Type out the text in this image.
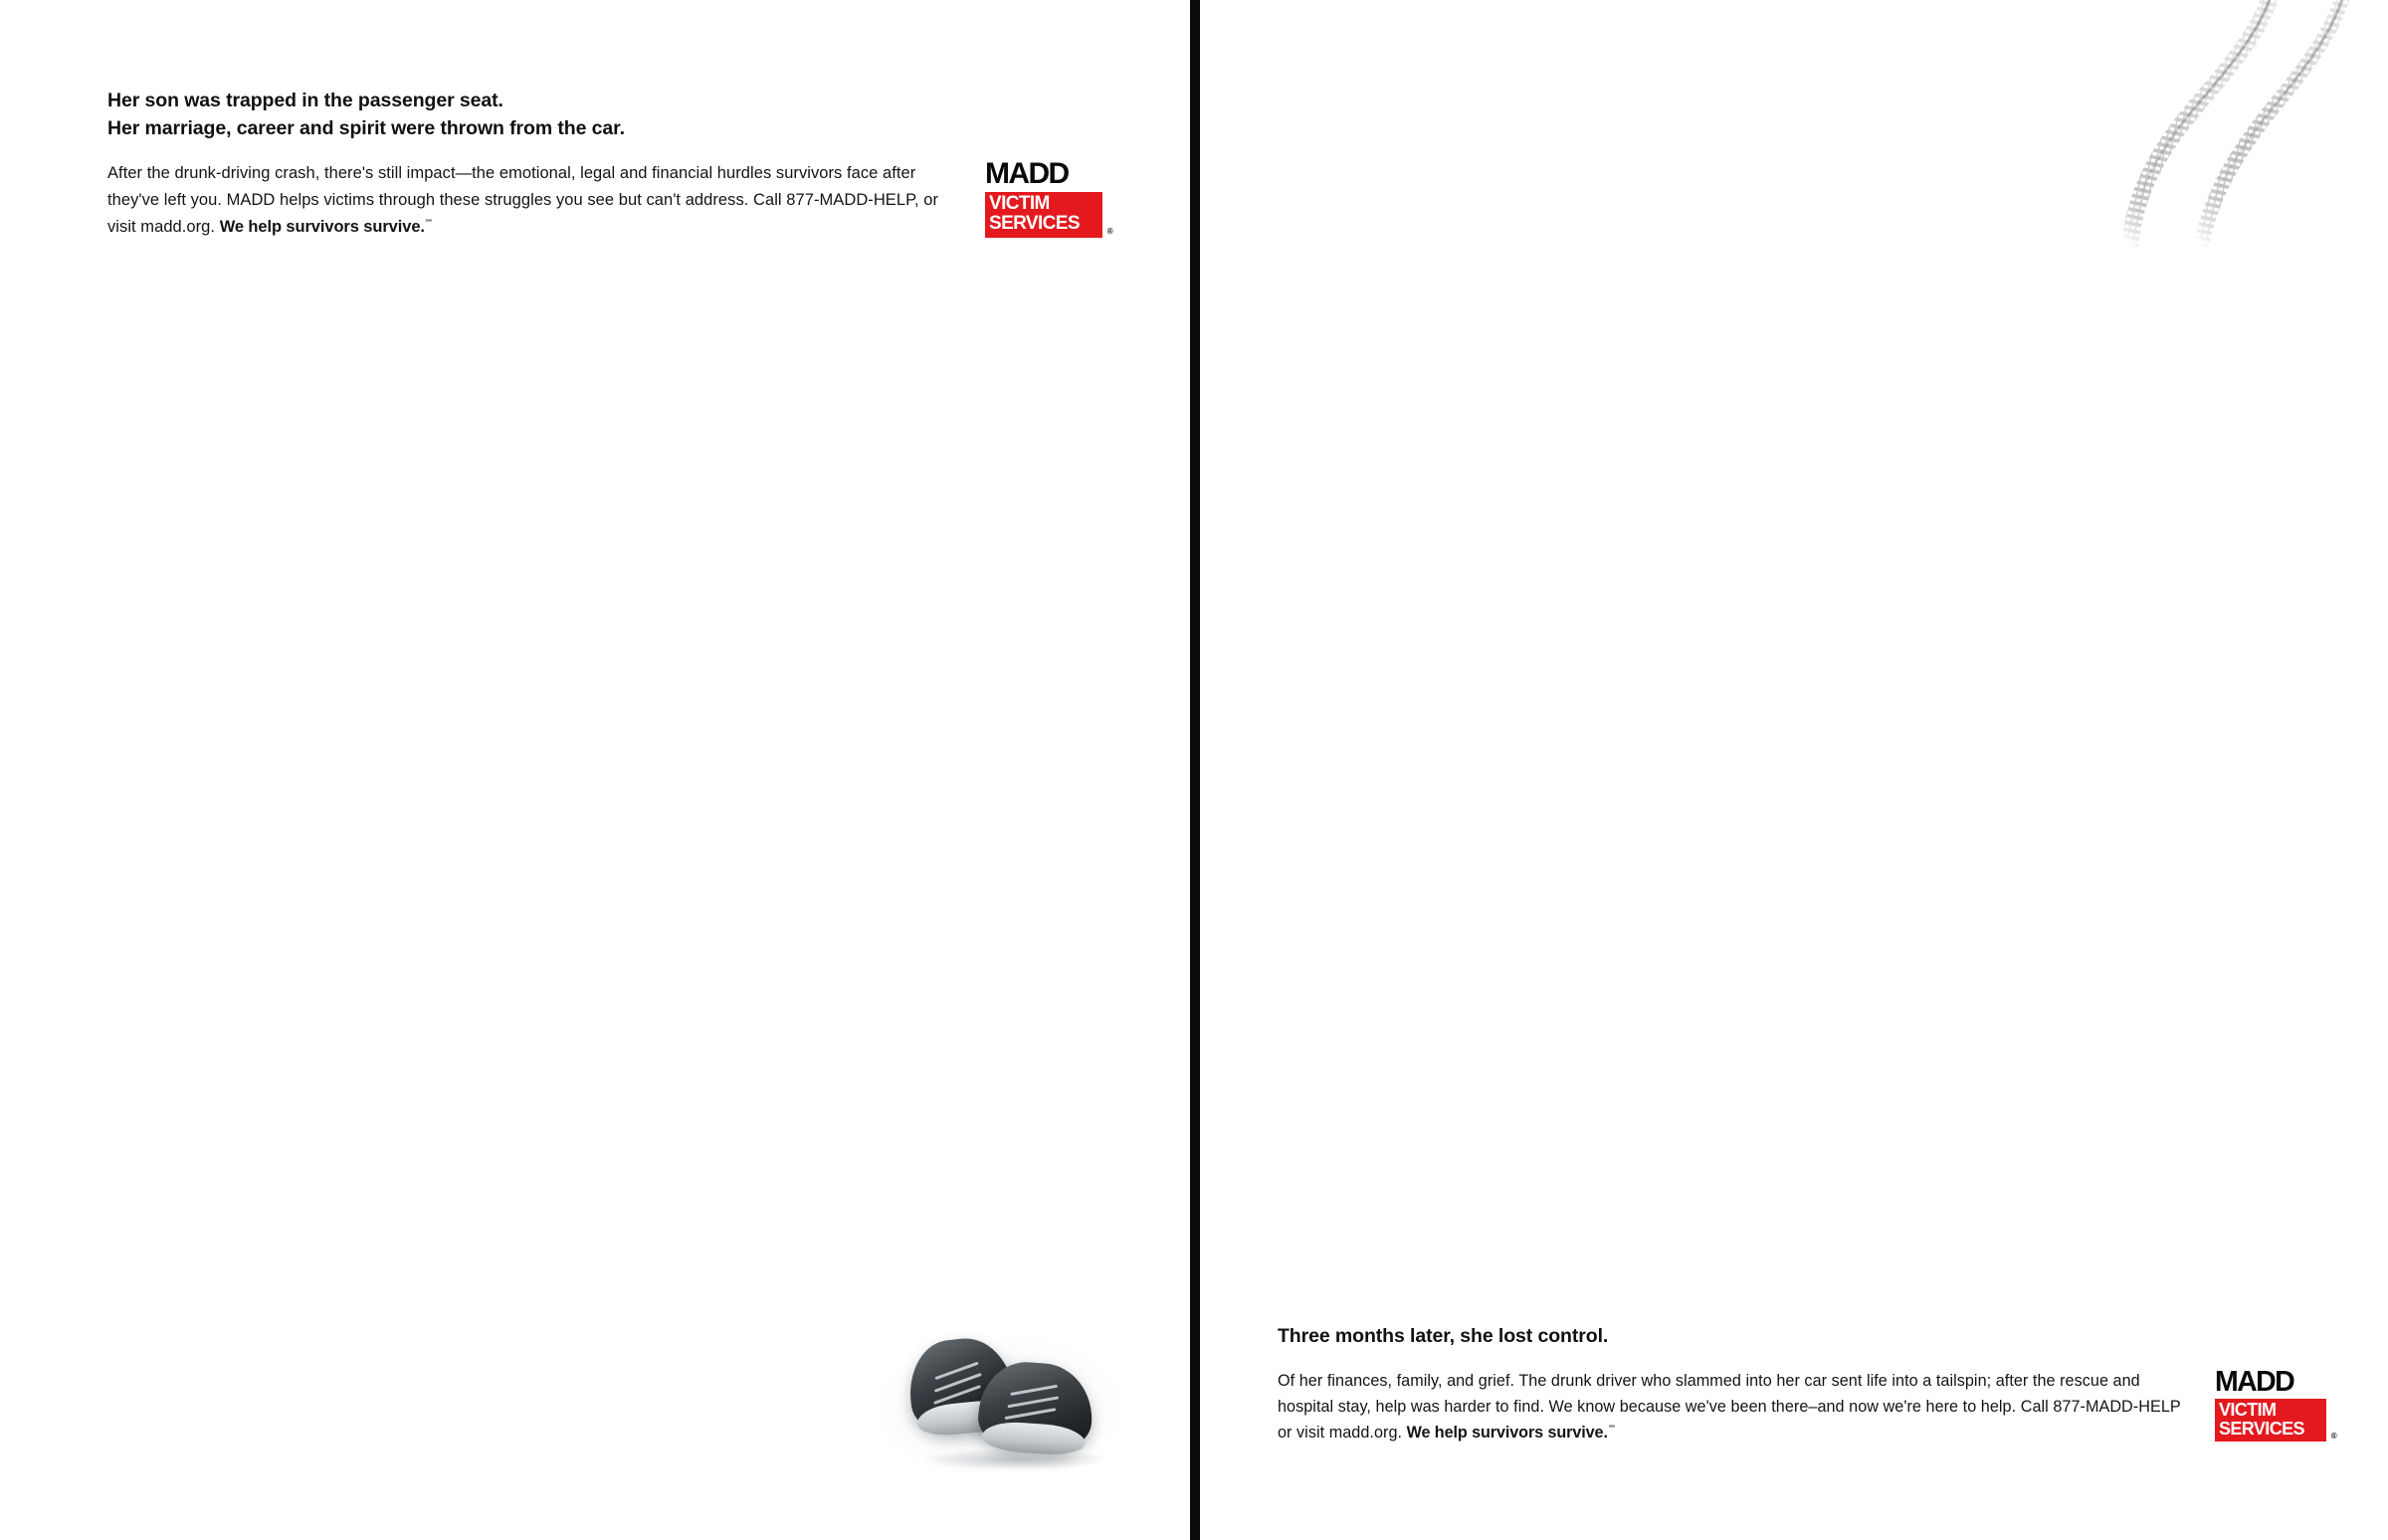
Her son was trapped in the passenger seat.
Her marriage, career and spirit were thrown from the car.

After the drunk-driving crash, there's still impact—the emotional, legal and financial hurdles survivors face after they've left you. MADD helps victims through these struggles you see but can't address. Call 877-MADD-HELP, or visit madd.org. We help survivors survive.℠

MADD
VICTIM
SERVICES	®
Three months later, she lost control.

Of her finances, family, and grief. The drunk driver who slammed into her car sent life into a tailspin; after the rescue and hospital stay, help was harder to find. We know because we've been there–and now we're here to help. Call 877-MADD-HELP or visit madd.org. We help survivors survive.℠

MADD
VICTIM
SERVICES	®
